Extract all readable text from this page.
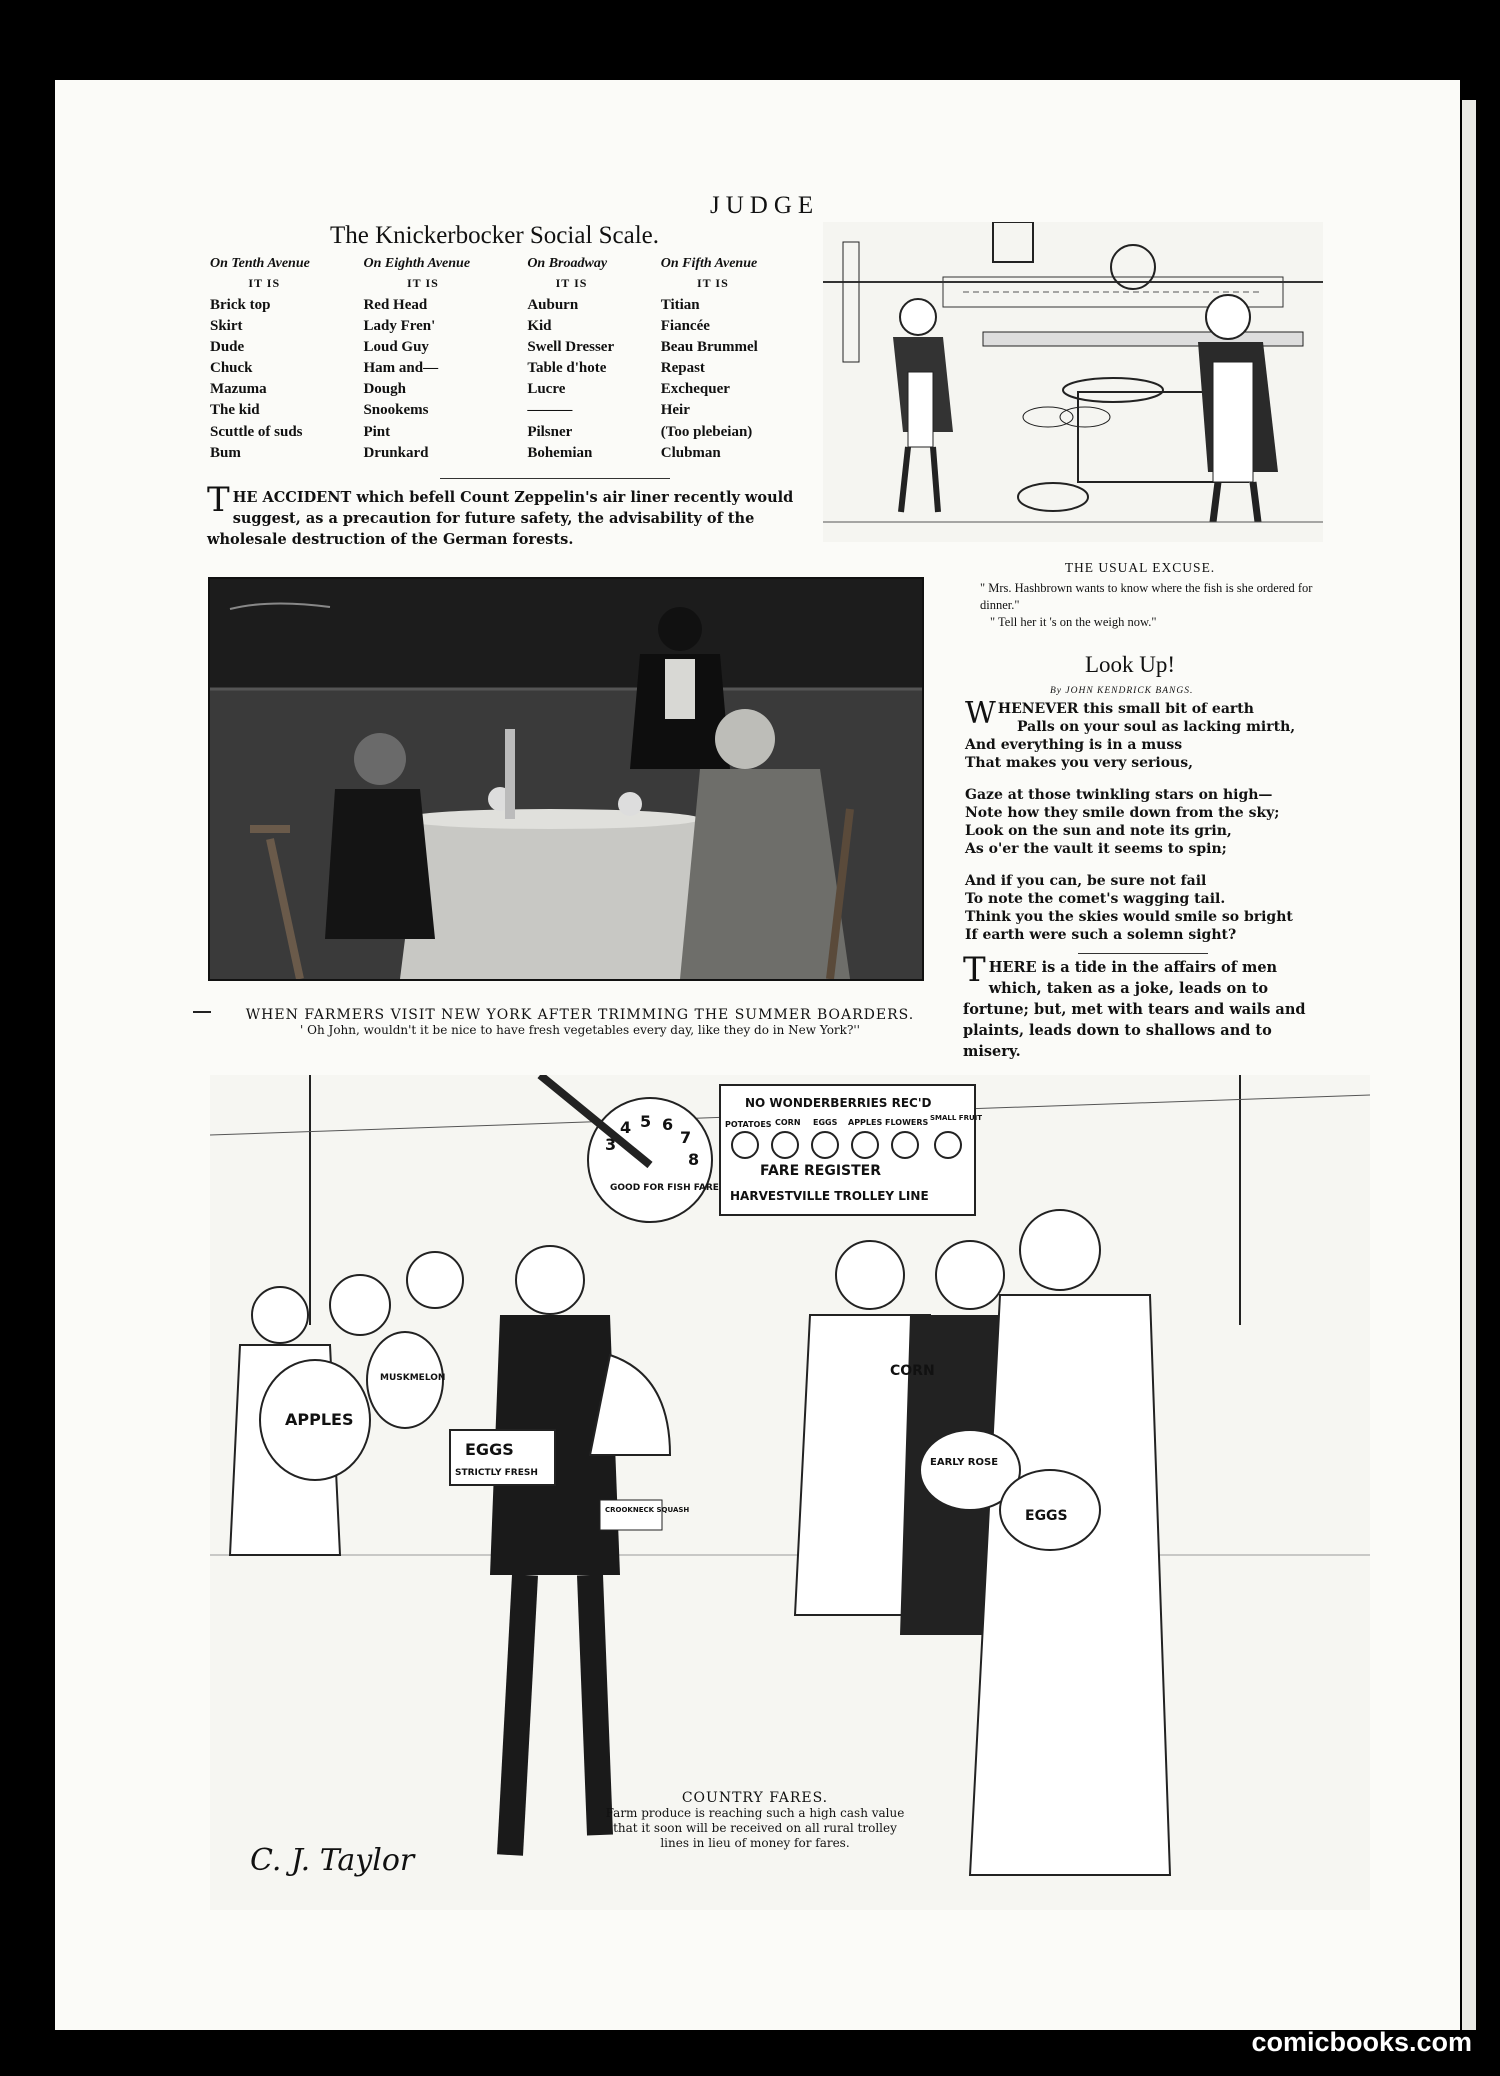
JUDGE
The Knickerbocker Social Scale.
On Tenth Avenue	On Eighth Avenue	On Broadway	On Fifth Avenue
IT IS	IT IS	IT IS	IT IS
Brick top	Red Head	Auburn	Titian
Skirt	Lady Fren'	Kid	Fiancée
Dude	Loud Guy	Swell Dresser	Beau Brummel
Chuck	Ham and—	Table d'hote	Repast
Mazuma	Dough	Lucre	Exchequer
The kid	Snookems	———	Heir
Scuttle of suds	Pint	Pilsner	(Too plebeian)
Bum	Drunkard	Bohemian	Clubman
THE ACCIDENT which befell Count Zeppelin's air liner recently would suggest, as a precaution for future safety, the advisability of the wholesale destruction of the German forests.
THE USUAL EXCUSE.
" Mrs. Hashbrown wants to know where the fish is she ordered for dinner."
" Tell her it 's on the weigh now."
Look Up!
By JOHN KENDRICK BANGS.
W HENEVER this small bit of earth
Palls on your soul as lacking mirth,
And everything is in a muss
That makes you very serious,
Gaze at those twinkling stars on high—
Note how they smile down from the sky;
Look on the sun and note its grin,
As o'er the vault it seems to spin;
And if you can, be sure not fail
To note the comet's wagging tail.
Think you the skies would smile so bright
If earth were such a solemn sight?
THERE is a tide in the affairs of men which, taken as a joke, leads on to fortune; but, met with tears and wails and plaints, leads down to shallows and to misery.
WHEN FARMERS VISIT NEW YORK AFTER TRIMMING THE SUMMER BOARDERS.
' Oh John, wouldn't it be nice to have fresh vegetables every day, like they do in New York?''
NO WONDERBERRIES REC'D
FARE REGISTER
HARVESTVILLE TROLLEY LINE
POTATOES CORN EGGS APPLES FLOWERS SMALL FRUIT
3
4 5 6
7
8
GOOD FOR FISH FARE
APPLES
MUSKMELON
EGGS
STRICTLY FRESH
CROOKNECK SQUASH
CORN
EARLY ROSE
EGGS
C. J. Taylor
COUNTRY FARES.
Farm produce is reaching such a high cash value that it soon will be received on all rural trolley lines in lieu of money for fares.
comicbooks.com
